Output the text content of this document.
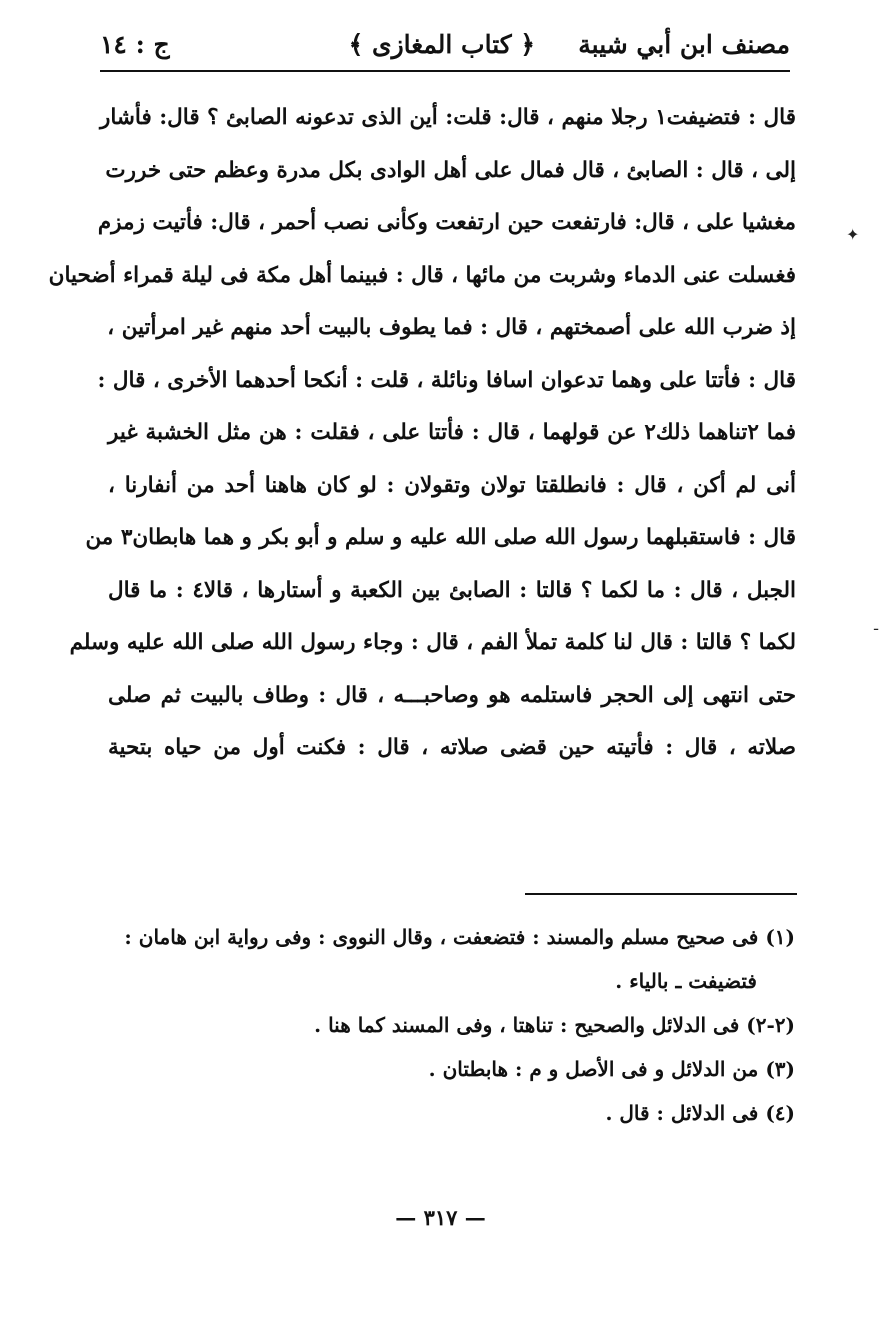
مصنف ابن أبي شيبة
﴿ كتاب المغازى ﴾
ج : ١٤
قال : فتضيفت١ رجلا منهم ، قال: قلت: أين الذى تدعونه الصابئ ؟ قال: فأشار
إلى ، قال : الصابئ ، قال فمال على أهل الوادى بكل مدرة وعظم حتى خررت
مغشيا على ، قال: فارتفعت حين ارتفعت وكأنى نصب أحمر ، قال: فأتيت زمزم
فغسلت عنى الدماء وشربت من مائها ، قال : فبينما أهل مكة فى ليلة قمراء أضحيان
إذ ضرب الله على أصمختهم ، قال : فما يطوف بالبيت أحد منهم غير امرأتين ،
قال : فأتتا على وهما تدعوان اسافا ونائلة ، قلت : أنكحا أحدهما الأخرى ، قال :
فما ٢تناهما ذلك٢ عن قولهما ، قال : فأتتا على ، فقلت : هن مثل الخشبة غير
أنى لم أكن ، قال : فانطلقتا تولان وتقولان : لو كان هاهنا أحد من أنفارنا ،
قال : فاستقبلهما رسول الله صلى الله عليه و سلم و أبو بكر و هما هابطان٣ من
الجبل ، قال : ما لكما ؟ قالتا : الصابئ بين الكعبة و أستارها ، قالا٤ : ما قال
لكما ؟ قالتا : قال لنا كلمة تملأ الفم ، قال : وجاء رسول الله صلى الله عليه وسلم
حتى انتهى إلى الحجر فاستلمه هو وصاحبـــه ، قال : وطاف بالبيت ثم صلى
صلاته ، قال : فأتيته حين قضى صلاته ، قال : فكنت أول من حياه بتحية
✦
ـ
(١) فى صحيح مسلم والمسند : فتضعفت ، وقال النووى : وفى رواية ابن هامان :
فتضيفت ـ بالياء .
(٢-٢) فى الدلائل والصحيح : تناهتا ، وفى المسند كما هنا .
(٣) من الدلائل و فى الأصل و م : هابطتان .
(٤) فى الدلائل : قال .
— ٣١٧ —
